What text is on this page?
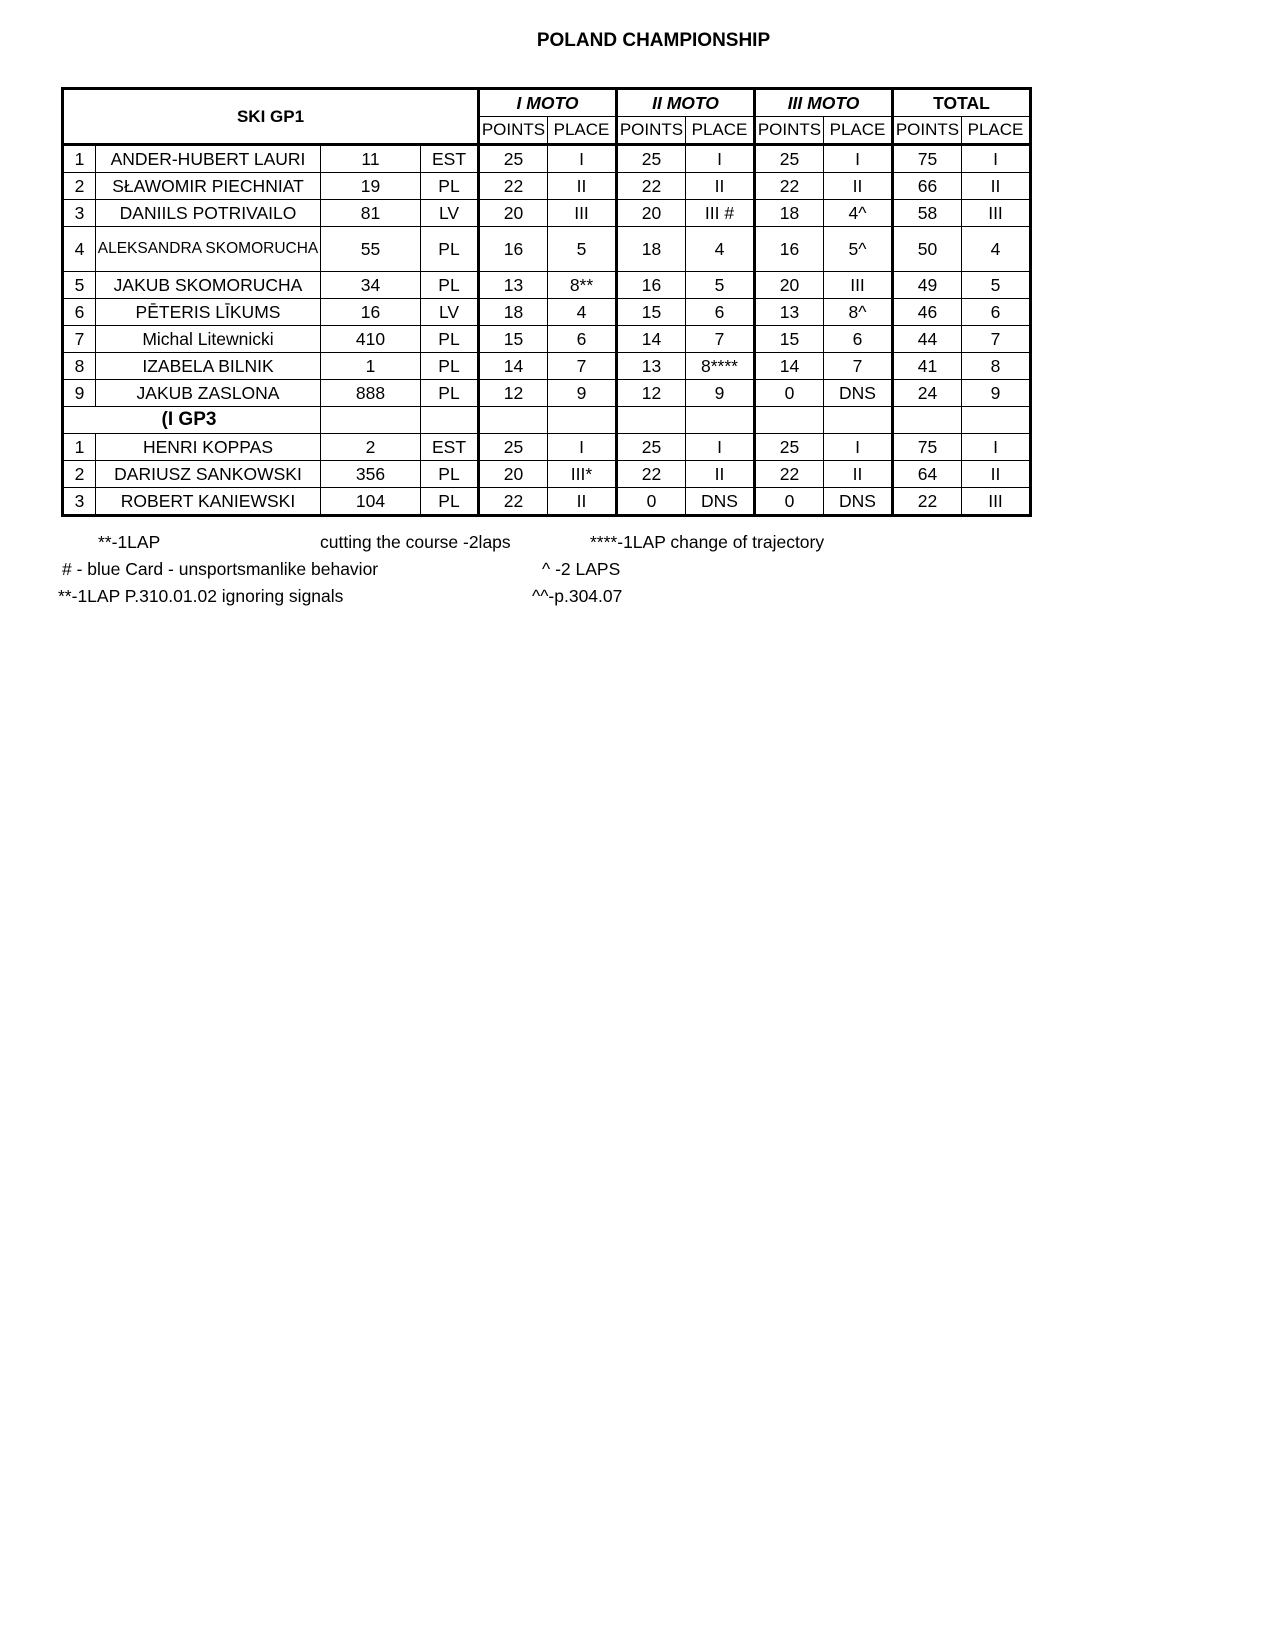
POLAND CHAMPIONSHIP
SKI GP1				I MOTO		II MOTO		III MOTO		TOTAL	
				POINTS	PLACE	POINTS	PLACE	POINTS	PLACE	POINTS	PLACE
1	ANDER-HUBERT LAURI	11	EST	25	I	25	I	25	I	75	I
2	SŁAWOMIR PIECHNIAT	19	PL	22	II	22	II	22	II	66	II
3	DANIILS POTRIVAILO	81	LV	20	III	20	III #	18	4^	58	III
4	ALEKSANDRA SKOMORUCHA	55	PL	16	5	18	4	16	5^	50	4
5	JAKUB SKOMORUCHA	34	PL	13	8**	16	5	20	III	49	5
6	PĒTERIS LĪKUMS	16	LV	18	4	15	6	13	8^	46	6
7	Michal Litewnicki	410	PL	15	6	14	7	15	6	44	7
8	IZABELA BILNIK	1	PL	14	7	13	8****	14	7	41	8
9	JAKUB ZASLONA	888	PL	12	9	12	9	0	DNS	24	9
(I GP3											
1	HENRI KOPPAS	2	EST	25	I	25	I	25	I	75	I
2	DARIUSZ SANKOWSKI	356	PL	20	III*	22	II	22	II	64	II
3	ROBERT KANIEWSKI	104	PL	22	II	0	DNS	0	DNS	22	III
**-1LAP	cutting the course -2laps	****-1LAP change of trajectory
# - blue Card - unsportsmanlike behavior	^ -2 LAPS
**-1LAP P.310.01.02 ignoring signals	^^-p.304.07
